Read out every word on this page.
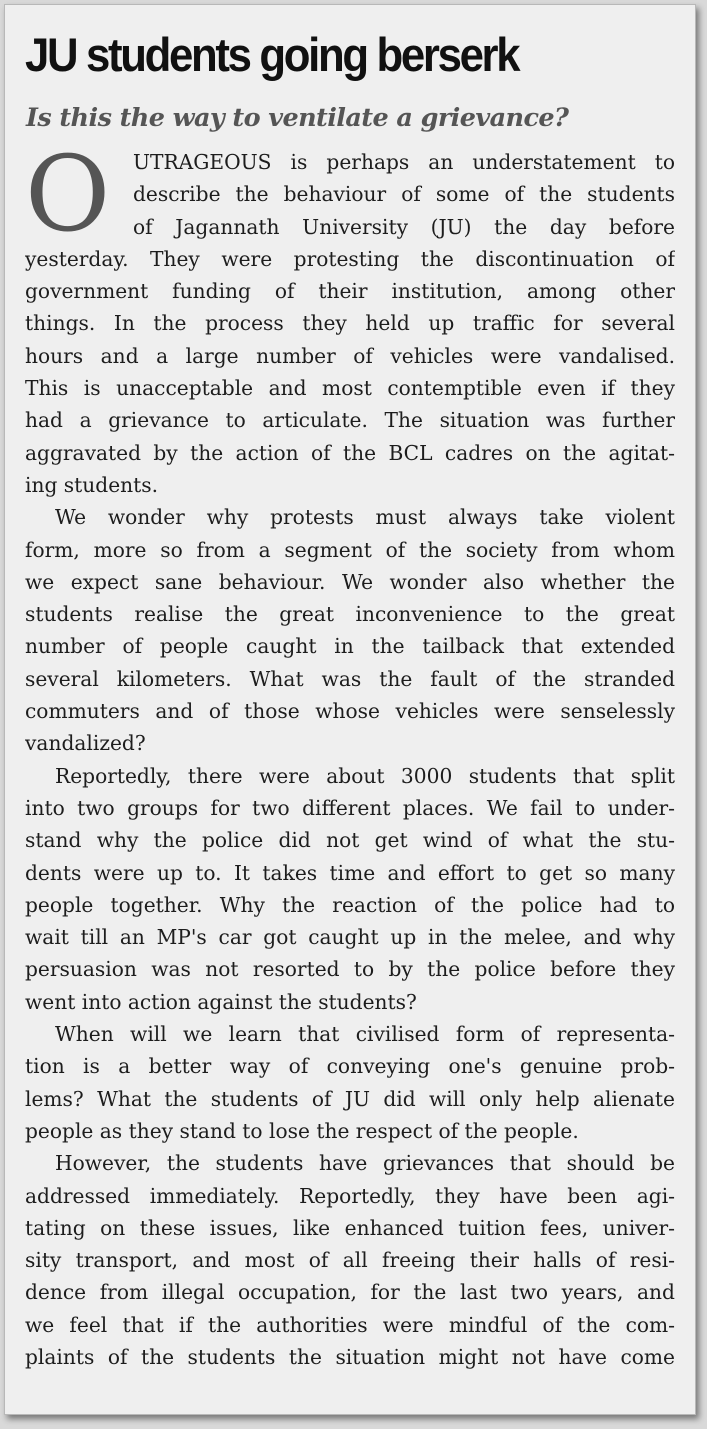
JU students going berserk
Is this the way to ventilate a grievance?
O	UTRAGEOUS is perhaps an understatement to
describe the behaviour of some of the students
of Jagannath University (JU) the day before
yesterday. They were protesting the discontinuation of
government funding of their institution, among other
things. In the process they held up traffic for several
hours and a large number of vehicles were vandalised.
This is unacceptable and most contemptible even if they
had a grievance to articulate. The situation was further
aggravated by the action of the BCL cadres on the agitat-
ing students.
We wonder why protests must always take violent
form, more so from a segment of the society from whom
we expect sane behaviour. We wonder also whether the
students realise the great inconvenience to the great
number of people caught in the tailback that extended
several kilometers. What was the fault of the stranded
commuters and of those whose vehicles were senselessly
vandalized?
Reportedly, there were about 3000 students that split
into two groups for two different places. We fail to under-
stand why the police did not get wind of what the stu-
dents were up to. It takes time and effort to get so many
people together. Why the reaction of the police had to
wait till an MP's car got caught up in the melee, and why
persuasion was not resorted to by the police before they
went into action against the students?
When will we learn that civilised form of representa-
tion is a better way of conveying one's genuine prob-
lems? What the students of JU did will only help alienate
people as they stand to lose the respect of the people.
However, the students have grievances that should be
addressed immediately. Reportedly, they have been agi-
tating on these issues, like enhanced tuition fees, univer-
sity transport, and most of all freeing their halls of resi-
dence from illegal occupation, for the last two years, and
we feel that if the authorities were mindful of the com-
plaints of the students the situation might not have come
